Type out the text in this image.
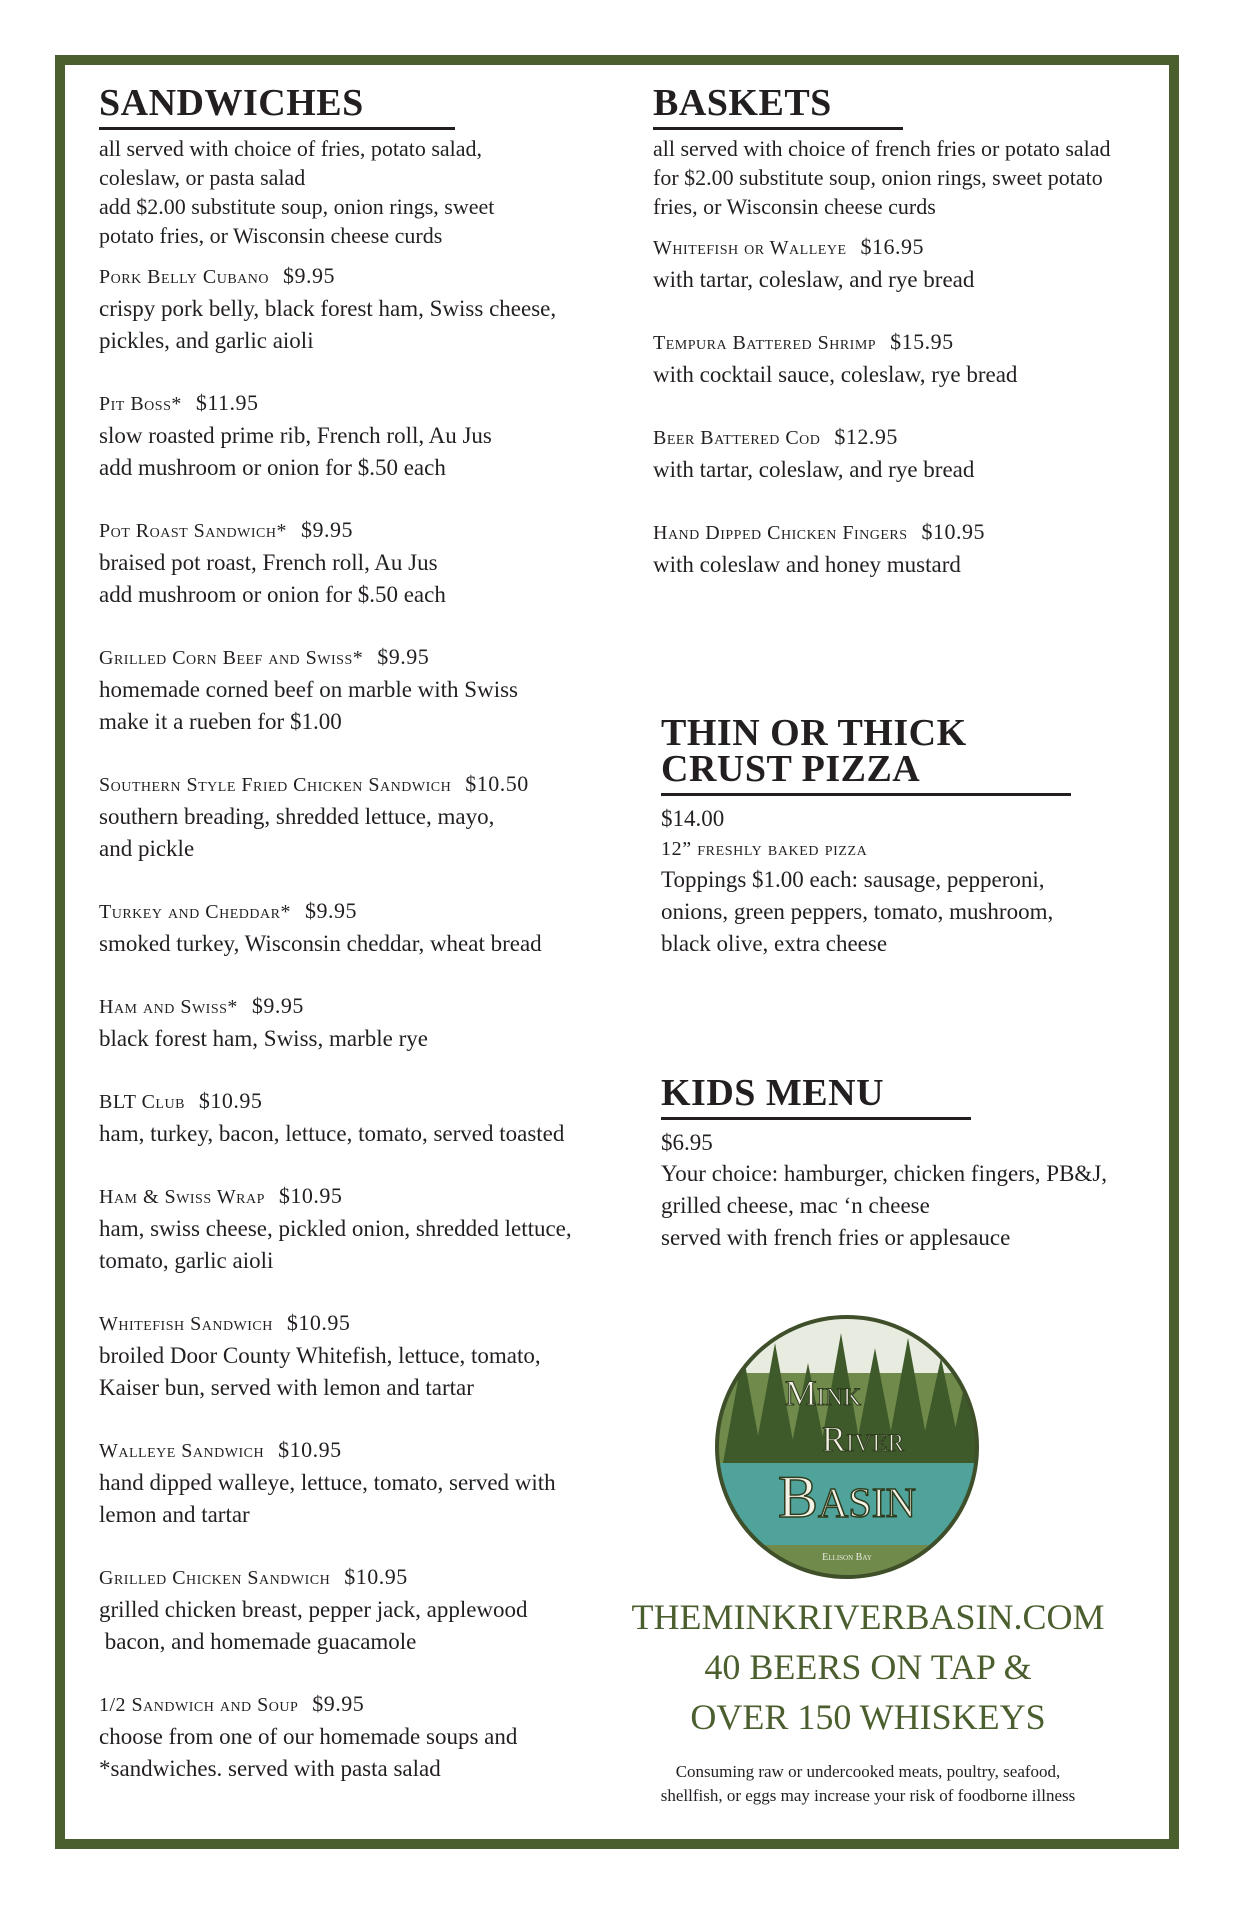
SANDWICHES
all served with choice of fries, potato salad,
coleslaw, or pasta salad
add $2.00 substitute soup, onion rings, sweet
potato fries, or Wisconsin cheese curds
Pork Belly Cubano $9.95
crispy pork belly, black forest ham, Swiss cheese,
pickles, and garlic aioli
Pit Boss* $11.95
slow roasted prime rib, French roll, Au Jus
add mushroom or onion for $.50 each
Pot Roast Sandwich* $9.95
braised pot roast, French roll, Au Jus
add mushroom or onion for $.50 each
Grilled Corn Beef and Swiss* $9.95
homemade corned beef on marble with Swiss
make it a rueben for $1.00
Southern Style Fried Chicken Sandwich $10.50
southern breading, shredded lettuce, mayo,
and pickle
Turkey and Cheddar* $9.95
smoked turkey, Wisconsin cheddar, wheat bread
Ham and Swiss* $9.95
black forest ham, Swiss, marble rye
BLT Club $10.95
ham, turkey, bacon, lettuce, tomato, served toasted
Ham & Swiss Wrap $10.95
ham, swiss cheese, pickled onion, shredded lettuce,
tomato, garlic aioli
Whitefish Sandwich $10.95
broiled Door County Whitefish, lettuce, tomato,
Kaiser bun, served with lemon and tartar
Walleye Sandwich $10.95
hand dipped walleye, lettuce, tomato, served with
lemon and tartar
Grilled Chicken Sandwich $10.95
grilled chicken breast, pepper jack, applewood
bacon, and homemade guacamole
1/2 Sandwich and Soup $9.95
choose from one of our homemade soups and
*sandwiches. served with pasta salad
BASKETS
all served with choice of french fries or potato salad
for $2.00 substitute soup, onion rings, sweet potato
fries, or Wisconsin cheese curds
Whitefish or Walleye $16.95
with tartar, coleslaw, and rye bread
Tempura Battered Shrimp $15.95
with cocktail sauce, coleslaw, rye bread
Beer Battered Cod $12.95
with tartar, coleslaw, and rye bread
Hand Dipped Chicken Fingers $10.95
with coleslaw and honey mustard
THIN OR THICK
CRUST PIZZA
$14.00
12” freshly baked pizza
Toppings $1.00 each: sausage, pepperoni,
onions, green peppers, tomato, mushroom,
black olive, extra cheese
KIDS MENU
$6.95
Your choice: hamburger, chicken fingers, PB&J,
grilled cheese, mac ‘n cheese
served with french fries or applesauce
Mink
River
Basin
Ellison Bay
THEMINKRIVERBASIN.COM
40 BEERS ON TAP &
OVER 150 WHISKEYS
Consuming raw or undercooked meats, poultry, seafood,
shellfish, or eggs may increase your risk of foodborne illness
